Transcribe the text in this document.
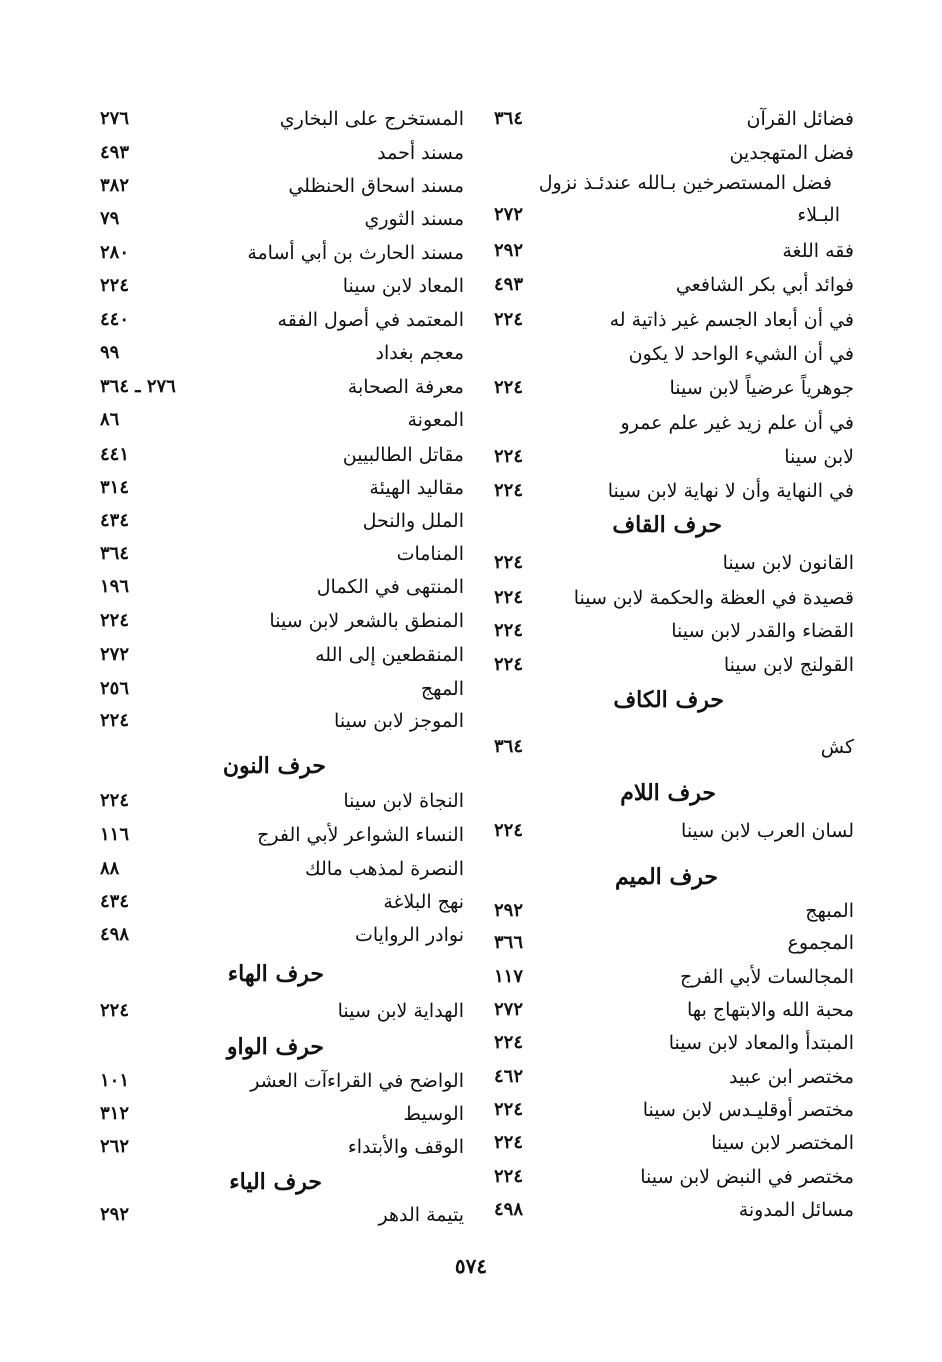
فضائل القرآن
٣٦٤
فضل المتهجدين
فضل المستصرخين بـالله عندئـذ نزول
البـلاء
٢٧٢
فقه اللغة
٢٩٢
فوائد أبي بكر الشافعي
٤٩٣
في أن أبعاد الجسم غير ذاتية له
٢٢٤
في أن الشيء الواحد لا يكون
جوهرياً عرضياً لابن سينا
٢٢٤
في أن علم زيد غير علم عمرو
لابن سينا
٢٢٤
في النهاية وأن لا نهاية لابن سينا
٢٢٤
حرف القاف
القانون لابن سينا
٢٢٤
قصيدة في العظة والحكمة لابن سينا
٢٢٤
القضاء والقدر لابن سينا
٢٢٤
القولنج لابن سينا
٢٢٤
حرف الكاف
كش
٣٦٤
حرف اللام
لسان العرب لابن سينا
٢٢٤
حرف الميم
المبهج
٢٩٢
المجموع
٣٦٦
المجالسات لأبي الفرج
١١٧
محبة الله والابتهاج بها
٢٧٢
المبتدأ والمعاد لابن سينا
٢٢٤
مختصر ابن عبيد
٤٦٢
مختصر أوقليـدس لابن سينا
٢٢٤
المختصر لابن سينا
٢٢٤
مختصر في النبض لابن سينا
٢٢٤
مسائل المدونة
٤٩٨
المستخرج على البخاري
٢٧٦
مسند أحمد
٤٩٣
مسند اسحاق الحنظلي
٣٨٢
مسند الثوري
٧٩
مسند الحارث بن أبي أسامة
٢٨٠
المعاد لابن سينا
٢٢٤
المعتمد في أصول الفقه
٤٤٠
معجم بغداد
٩٩
معرفة الصحابة
٢٧٦ ـ ٣٦٤
المعونة
٨٦
مقاتل الطالبيين
٤٤١
مقاليد الهيئة
٣١٤
الملل والنحل
٤٣٤
المنامات
٣٦٤
المنتهى في الكمال
١٩٦
المنطق بالشعر لابن سينا
٢٢٤
المنقطعين إلى الله
٢٧٢
المهج
٢٥٦
الموجز لابن سينا
٢٢٤
حرف النون
النجاة لابن سينا
٢٢٤
النساء الشواعر لأبي الفرج
١١٦
النصرة لمذهب مالك
٨٨
نهج البلاغة
٤٣٤
نوادر الروايات
٤٩٨
حرف الهاء
الهداية لابن سينا
٢٢٤
حرف الواو
الواضح في القراءآت العشر
١٠١
الوسيط
٣١٢
الوقف والأبتداء
٢٦٢
حرف الياء
يتيمة الدهر
٢٩٢
٥٧٤
